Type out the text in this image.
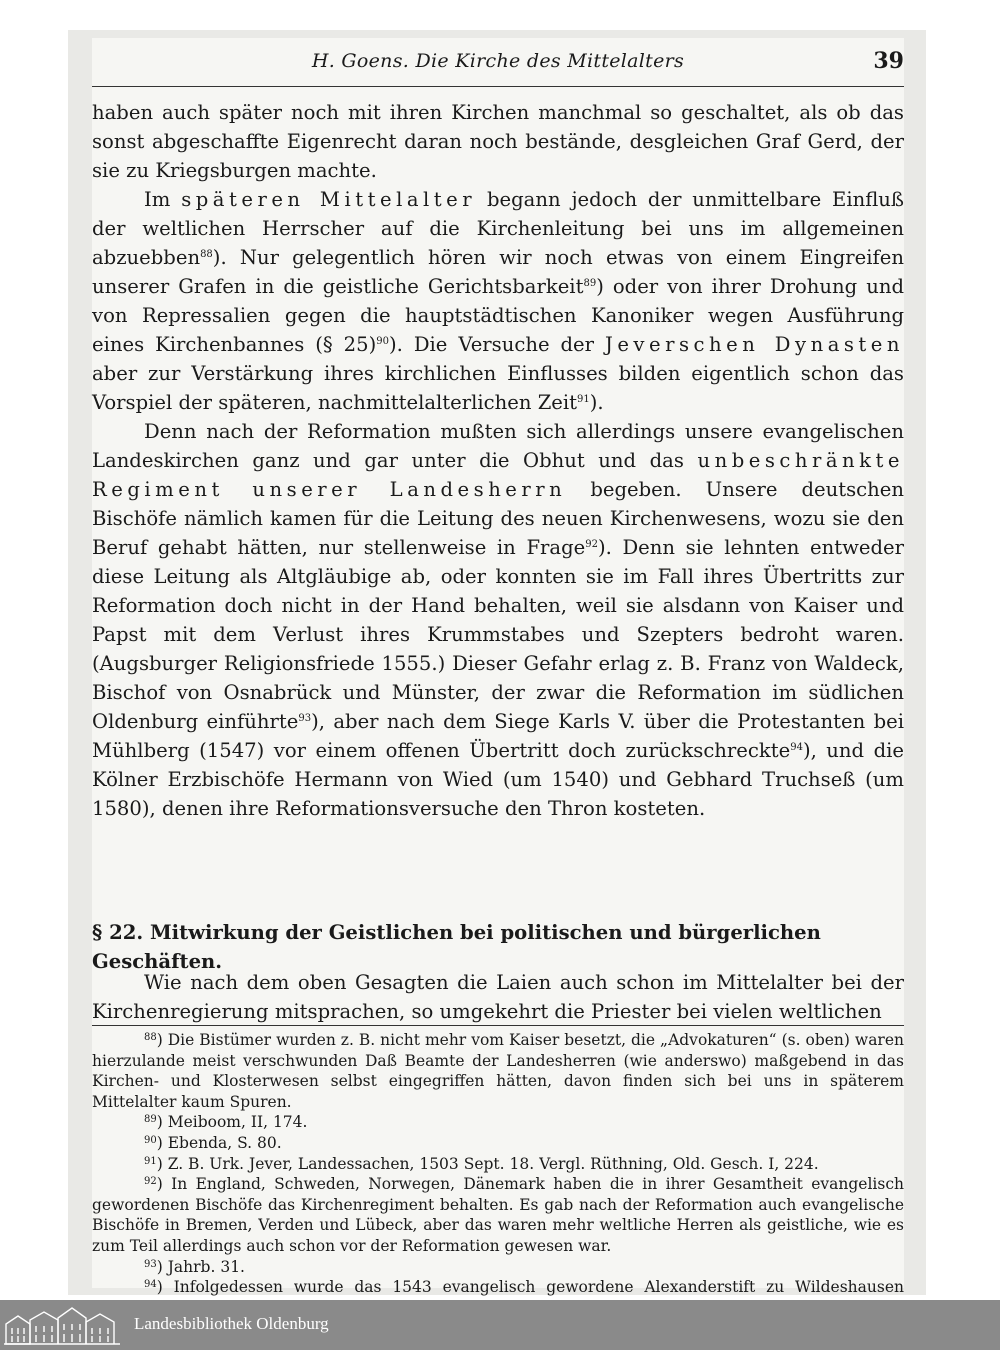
H. Goens. Die Kirche des Mittelalters	39

haben auch später noch mit ihren Kirchen manchmal so geschaltet, als ob das sonst abgeschaffte Eigenrecht daran noch bestände, desgleichen Graf Gerd, der sie zu Kriegsburgen machte.

Im späteren Mittelalter begann jedoch der unmittelbare Einfluß der weltlichen Herrscher auf die Kirchenleitung bei uns im allgemeinen abzuebben$^{88}$). Nur gelegentlich hören wir noch etwas von einem Eingreifen unserer Grafen in die geistliche Gerichtsbarkeit$^{89}$) oder von ihrer Drohung und von Repressalien gegen die hauptstädtischen Kanoniker wegen Ausführung eines Kirchenbannes (§ 25)$^{90}$). Die Versuche der Jeverschen Dynasten aber zur Verstärkung ihres kirchlichen Einflusses bilden eigentlich schon das Vorspiel der späteren, nachmittelalterlichen Zeit$^{91}$).

Denn nach der Reformation mußten sich allerdings unsere evangelischen Landeskirchen ganz und gar unter die Obhut und das unbeschränkte Regiment unserer Landesherrn begeben. Unsere deutschen Bischöfe nämlich kamen für die Leitung des neuen Kirchenwesens, wozu sie den Beruf gehabt hätten, nur stellenweise in Frage$^{92}$). Denn sie lehnten entweder diese Leitung als Altgläubige ab, oder konnten sie im Fall ihres Übertritts zur Reformation doch nicht in der Hand behalten, weil sie alsdann von Kaiser und Papst mit dem Verlust ihres Krummstabes und Szepters bedroht waren. (Augsburger Religionsfriede 1555.) Dieser Gefahr erlag z. B. Franz von Waldeck, Bischof von Osnabrück und Münster, der zwar die Reformation im südlichen Oldenburg einführte$^{93}$), aber nach dem Siege Karls V. über die Protestanten bei Mühlberg (1547) vor einem offenen Übertritt doch zurückschreckte$^{94}$), und die Kölner Erzbischöfe Hermann von Wied (um 1540) und Gebhard Truchseß (um 1580), denen ihre Reformationsversuche den Thron kosteten.

§ 22. Mitwirkung der Geistlichen bei politischen und bürgerlichen Geschäften.

Wie nach dem oben Gesagten die Laien auch schon im Mittelalter bei der Kirchenregierung mitsprachen, so umgekehrt die Priester bei vielen weltlichen

$^{88}$) Die Bistümer wurden z. B. nicht mehr vom Kaiser besetzt, die „Advokaturen“ (s. oben) waren hierzulande meist verschwunden Daß Beamte der Landesherren (wie anderswo) maßgebend in das Kirchen- und Klosterwesen selbst eingegriffen hätten, davon finden sich bei uns in späterem Mittelalter kaum Spuren.

$^{89}$) Meiboom, II, 174.

$^{90}$) Ebenda, S. 80.

$^{91}$) Z. B. Urk. Jever, Landessachen, 1503 Sept. 18. Vergl. Rüthning, Old. Gesch. I, 224.

$^{92}$) In England, Schweden, Norwegen, Dänemark haben die in ihrer Gesamtheit evangelisch gewordenen Bischöfe das Kirchenregiment behalten. Es gab nach der Reformation auch evangelische Bischöfe in Bremen, Verden und Lübeck, aber das waren mehr weltliche Herren als geistliche, wie es zum Teil allerdings auch schon vor der Reformation gewesen war.

$^{93}$) Jahrb. 31.

$^{94}$) Infolgedessen wurde das 1543 evangelisch gewordene Alexanderstift zu Wildeshausen

Landesbibliothek Oldenburg
